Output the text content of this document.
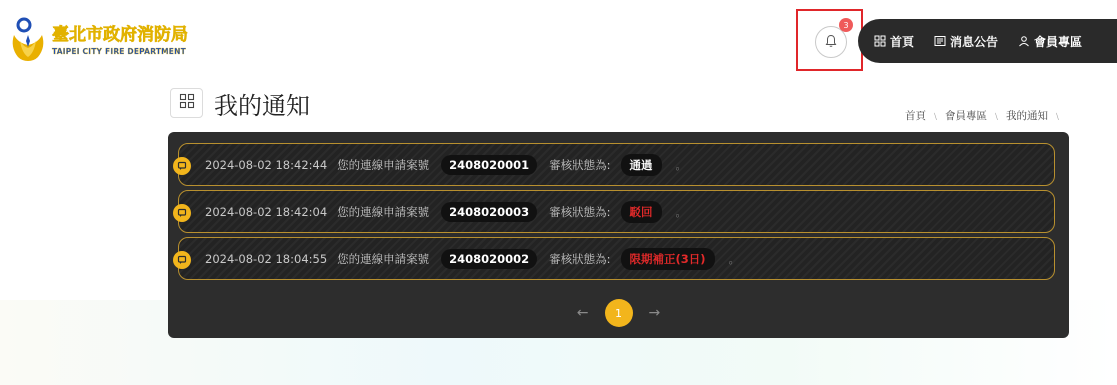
臺北市政府消防局
TAIPEI CITY FIRE DEPARTMENT
3
首頁	消息公告	會員專區
我的通知	首頁 ﹨ 會員專區 ﹨ 我的通知 ﹨
2024-08-02 18:42:44 您的連線申請案號	2408020001	審核狀態為:	通過	。
2024-08-02 18:42:04 您的連線申請案號	2408020003	審核狀態為:	駁回	。
2024-08-02 18:04:55 您的連線申請案號	2408020002	審核狀態為:	限期補正(3日)	。
←	1	→
